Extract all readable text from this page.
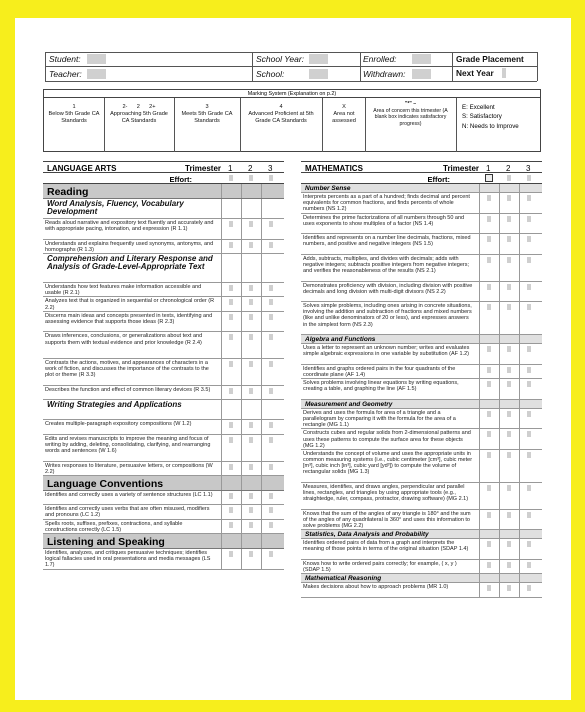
Student:
Teacher:
School Year:
School:
Enrolled:
Withdrawn:
Grade Placement
Next Year
Marking System (Explanation on p.2)
1
Below 5th Grade CA Standards
2-      2      2+
Approaching 5th Grade CA Standards
3
Meets 5th Grade CA Standards
4
Advanced Proficient at 5th Grade CA Standards
X
Area not assessed
"*" –
Area of concern this trimester (A blank box indicates satisfactory progress)
E: Excellent
S: Satisfactory
N: Needs to Improve
LANGUAGE ARTS	Trimester 1 2 3
Effort:
Reading
Word Analysis, Fluency, Vocabulary Development
Reads aloud narrative and expository text fluently and accurately and with appropriate pacing, intonation, and expression (R 1.1)
Understands and explains frequently used synonyms, antonyms, and homographs (R 1.3)
Comprehension and Literary Response and Analysis of Grade-Level-Appropriate Text
Understands how text features make information accessible and usable (R 2.1)
Analyzes text that is organized in sequential or chronological order (R 2.2)
Discerns main ideas and concepts presented in texts, identifying and assessing evidence that supports those ideas (R 2.3)
Draws inferences, conclusions, or generalizations about text and supports them with textual evidence and prior knowledge (R 2.4)
Contrasts the actions, motives, and appearances of characters in a work of fiction, and discusses the importance of the contrasts to the plot or theme (R 3.3)
Describes the function and effect of common literary devices (R 3.5)
Writing Strategies and Applications
Creates multiple-paragraph expository compositions (W 1.2)
Edits and revises manuscripts to improve the meaning and focus of writing by adding, deleting, consolidating, clarifying, and rearranging words and sentences (W 1.6)
Writes responses to literature, persuasive letters, or compositions (W 2.2)
Language Conventions
Identifies and correctly uses a variety of sentence structures (LC 1.1)
Identifies and correctly uses verbs that are often misused, modifiers and pronouns (LC 1.2)
Spells roots, suffixes, prefixes, contractions, and syllable constructions correctly (LC 1.5)
Listening and Speaking
Identifies, analyzes, and critiques persuasive techniques; identifies logical fallacies used in oral presentations and media messages (LS 1.7)
MATHEMATICS	Trimester 1 2 3
Effort:
Number Sense
Interprets percents as a part of a hundred; finds decimal and percent equivalents for common fractions, and finds percents of whole numbers (NS 1.2)
Determines the prime factorizations of all numbers through 50 and uses exponents to show multiples of a factor (NS 1.4)
Identifies and represents on a number line decimals, fractions, mixed numbers, and positive and negative integers (NS 1.5)
Adds, subtracts, multiplies, and divides with decimals; adds with negative integers; subtracts positive integers from negative integers; and verifies the reasonableness of the results (NS 2.1)
Demonstrates proficiency with division, including division with positive decimals and long division with multi-digit divisors (NS 2.2)
Solves simple problems, including ones arising in concrete situations, involving the addition and subtraction of fractions and mixed numbers (like and unlike denominators of 20 or less), and expresses answers in the simplest form (NS 2.3)
Algebra and Functions
Uses a letter to represent an unknown number; writes and evaluates simple algebraic expressions in one variable by substitution (AF 1.2)
Identifies and graphs ordered pairs in the four quadrants of the coordinate plane (AF 1.4)
Solves problems involving linear equations by writing equations, creating a table, and graphing the line (AF 1.5)
Measurement and Geometry
Derives and uses the formula for area of a triangle and a parallelogram by comparing it with the formula for the area of a rectangle (MG 1.1)
Constructs cubes and regular solids from 2-dimensional patterns and uses these patterns to compute the surface area for these objects (MG 1.2)
Understands the concept of volume and uses the appropriate units in common measuring systems (i.e., cubic centimeter [cm³], cubic meter [m³], cubic inch [in³], cubic yard [yd³]) to compute the volume of rectangular solids (MG 1.3)
Measures, identifies, and draws angles, perpendicular and parallel lines, rectangles, and triangles by using appropriate tools (e.g., straightedge, ruler, compass, protractor, drawing software) (MG 2.1)
Knows that the sum of the angles of any triangle is 180° and the sum of the angles of any quadrilateral is 360° and uses this information to solve problems (MG 2.2)
Statistics, Data Analysis and Probability
Identifies ordered pairs of data from a graph and interprets the meaning of those points in terms of the original situation (SDAP 1.4)
Knows how to write ordered pairs correctly; for example, ( x, y ) (SDAP 1.5)
Mathematical Reasoning
Makes decisions about how to approach problems (MR 1.0)
